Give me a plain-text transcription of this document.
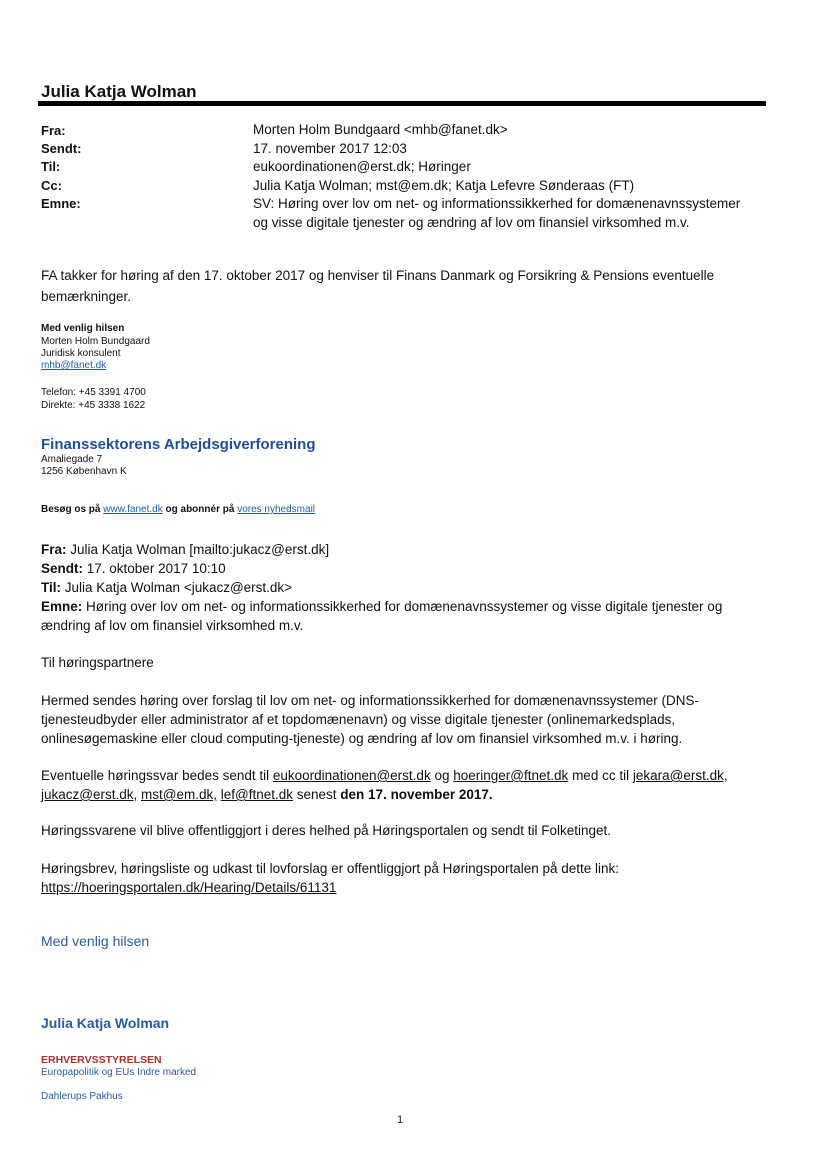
Julia Katja Wolman
Fra:	Morten Holm Bundgaard <mhb@fanet.dk>
Sendt:	17. november 2017 12:03
Til:	eukoordinationen@erst.dk; Høringer
Cc:	Julia Katja Wolman; mst@em.dk; Katja Lefevre Sønderaas (FT)
Emne:	SV: Høring over lov om net- og informationssikkerhed for domænenavnssystemer
og visse digitale tjenester og ændring af lov om finansiel virksomhed m.v.
FA takker for høring af den 17. oktober 2017 og henviser til Finans Danmark og Forsikring & Pensions eventuelle
bemærkninger.
Med venlig hilsen
Morten Holm Bundgaard
Juridisk konsulent
mhb@fanet.dk
Telefon: +45 3391 4700
Direkte: +45 3338 1622
Finanssektorens Arbejdsgiverforening
Amaliegade 7
1256 København K
Besøg os på www.fanet.dk og abonnér på vores nyhedsmail
Fra: Julia Katja Wolman [mailto:jukacz@erst.dk]
Sendt: 17. oktober 2017 10:10
Til: Julia Katja Wolman <jukacz@erst.dk>
Emne: Høring over lov om net- og informationssikkerhed for domænenavnssystemer og visse digitale tjenester og
ændring af lov om finansiel virksomhed m.v.
Til høringspartnere
Hermed sendes høring over forslag til lov om net- og informationssikkerhed for domænenavnssystemer (DNS-
tjenesteudbyder eller administrator af et topdomænenavn) og visse digitale tjenester (onlinemarkedsplads,
onlinesøgemaskine eller cloud computing-tjeneste) og ændring af lov om finansiel virksomhed m.v. i høring.
Eventuelle høringssvar bedes sendt til eukoordinationen@erst.dk og hoeringer@ftnet.dk med cc til jekara@erst.dk,
jukacz@erst.dk, mst@em.dk, lef@ftnet.dk senest den 17. november 2017.
Høringssvarene vil blive offentliggjort i deres helhed på Høringsportalen og sendt til Folketinget.
Høringsbrev, høringsliste og udkast til lovforslag er offentliggjort på Høringsportalen på dette link:
https://hoeringsportalen.dk/Hearing/Details/61131
Med venlig hilsen
Julia Katja Wolman
ERHVERVSSTYRELSEN
Europapolitik og EUs Indre marked
Dahlerups Pakhus
1
